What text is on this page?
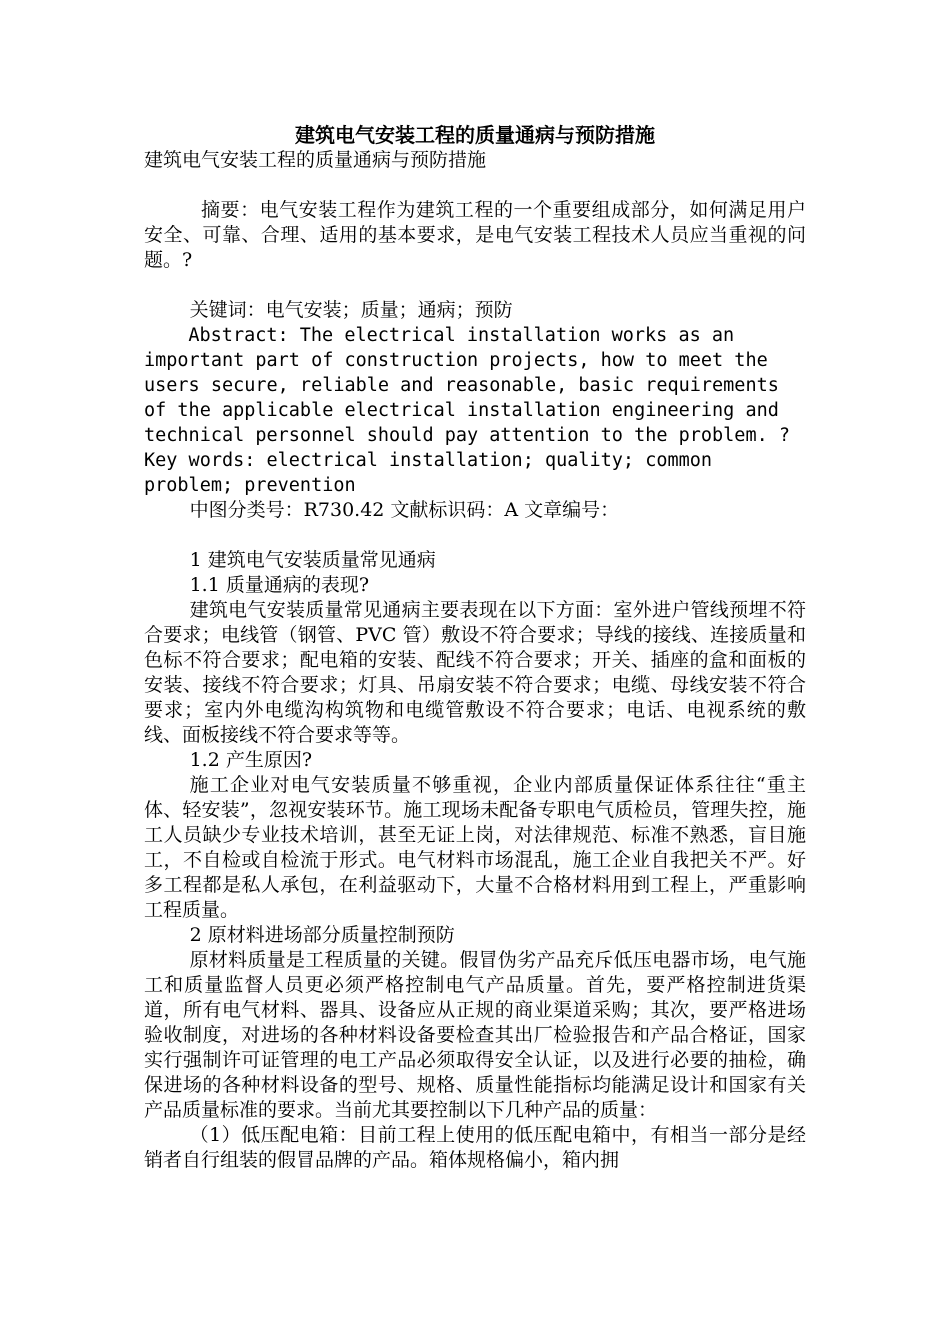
建筑电气安装工程的质量通病与预防措施

建筑电气安装工程的质量通病与预防措施

摘要：电气安装工程作为建筑工程的一个重要组成部分，如何满足用户安全、可靠、合理、适用的基本要求，是电气安装工程技术人员应当重视的问题。?

关键词：电气安装；质量；通病；预防

Abstract: The electrical installation works as an important part of construction projects, how to meet the users secure, reliable and reasonable, basic requirements of the applicable electrical installation engineering and technical personnel should pay attention to the problem. ?

Key words: electrical installation; quality; common problem; prevention

中图分类号：R730.42 文献标识码：A 文章编号：

1 建筑电气安装质量常见通病

1.1 质量通病的表现?

建筑电气安装质量常见通病主要表现在以下方面：室外进户管线预埋不符合要求；电线管（钢管、PVC 管）敷设不符合要求；导线的接线、连接质量和色标不符合要求；配电箱的安装、配线不符合要求；开关、插座的盒和面板的安装、接线不符合要求；灯具、吊扇安装不符合要求；电缆、母线安装不符合要求；室内外电缆沟构筑物和电缆管敷设不符合要求；电话、电视系统的敷线、面板接线不符合要求等等。

1.2 产生原因?

施工企业对电气安装质量不够重视，企业内部质量保证体系往往“重主体、轻安装”，忽视安装环节。施工现场未配备专职电气质检员，管理失控，施工人员缺少专业技术培训，甚至无证上岗，对法律规范、标准不熟悉，盲目施工，不自检或自检流于形式。电气材料市场混乱，施工企业自我把关不严。好多工程都是私人承包，在利益驱动下，大量不合格材料用到工程上，严重影响工程质量。

2 原材料进场部分质量控制预防

原材料质量是工程质量的关键。假冒伪劣产品充斥低压电器市场，电气施工和质量监督人员更必须严格控制电气产品质量。首先，要严格控制进货渠道，所有电气材料、器具、设备应从正规的商业渠道采购；其次，要严格进场验收制度，对进场的各种材料设备要检查其出厂检验报告和产品合格证，国家实行强制许可证管理的电工产品必须取得安全认证，以及进行必要的抽检，确保进场的各种材料设备的型号、规格、质量性能指标均能满足设计和国家有关产品质量标准的要求。当前尤其要控制以下几种产品的质量：

（1）低压配电箱：目前工程上使用的低压配电箱中，有相当一部分是经销者自行组装的假冒品牌的产品。箱体规格偏小，箱内拥
